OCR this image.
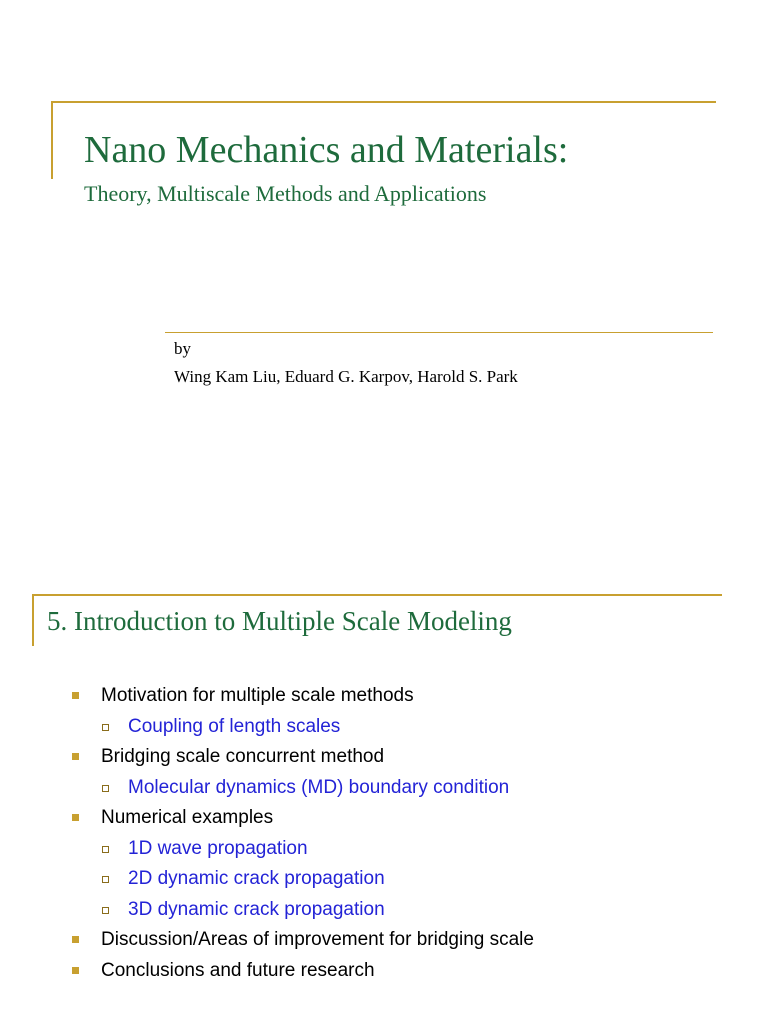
Nano Mechanics and Materials:
Theory, Multiscale Methods and Applications
by
Wing Kam Liu, Eduard G. Karpov, Harold S. Park
5. Introduction to Multiple Scale Modeling
Motivation for multiple scale methods
Coupling of length scales
Bridging scale concurrent method
Molecular dynamics (MD) boundary condition
Numerical examples
1D wave propagation
2D dynamic crack propagation
3D dynamic crack propagation
Discussion/Areas of improvement for bridging scale
Conclusions and future research
